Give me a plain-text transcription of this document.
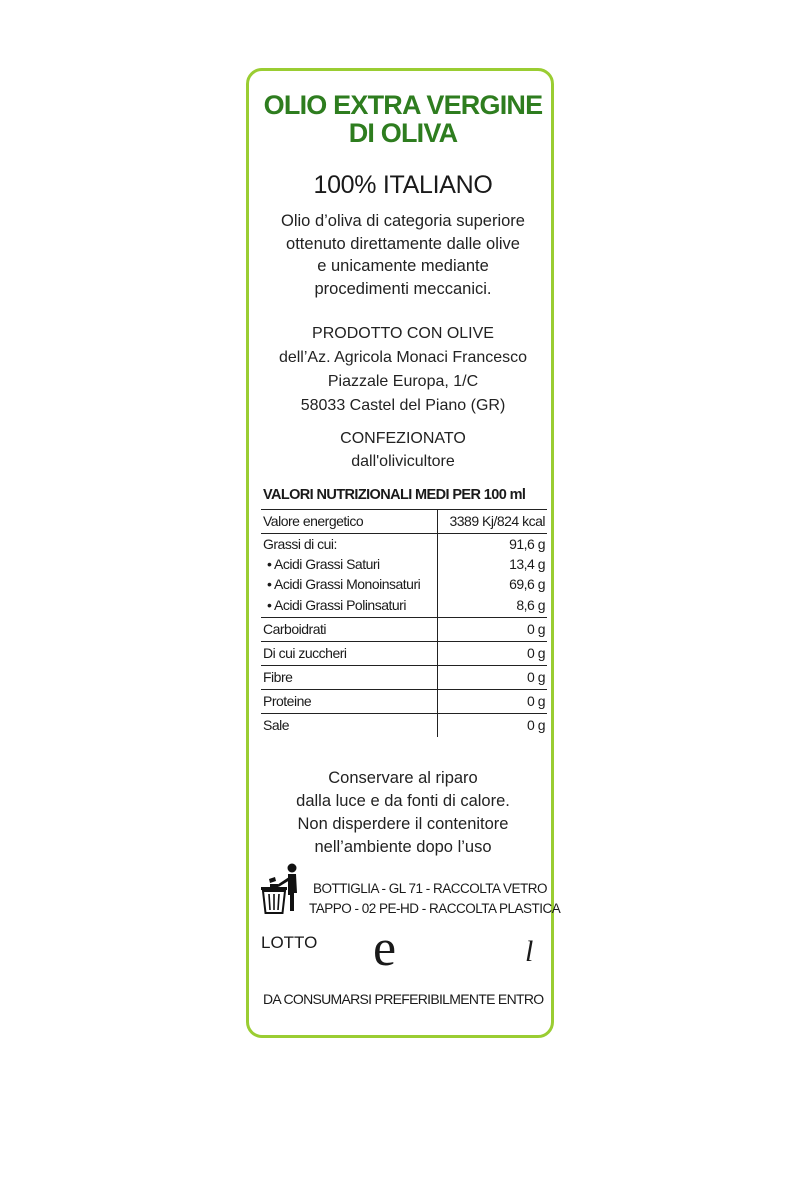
OLIO EXTRA VERGINE
DI OLIVA
100% ITALIANO
Olio d’oliva di categoria superiore
ottenuto direttamente dalle olive
e unicamente mediante
procedimenti meccanici.
PRODOTTO CON OLIVE
dell’Az. Agricola Monaci Francesco
Piazzale Europa, 1/C
58033 Castel del Piano (GR)
CONFEZIONATO
dall'olivicultore
VALORI NUTRIZIONALI MEDI PER 100 ml
Valore energetico	3389 Kj/824 kcal
Grassi di cui:	91,6 g
• Acidi Grassi Saturi	13,4 g
• Acidi Grassi Monoinsaturi	69,6 g
• Acidi Grassi Polinsaturi	8,6 g
Carboidrati	0 g
Di cui zuccheri	0 g
Fibre	0 g
Proteine	0 g
Sale	0 g
Conservare al riparo
dalla luce e da fonti di calore.
Non disperdere il contenitore
nell’ambiente dopo l’uso
BOTTIGLIA - GL 71 - RACCOLTA VETRO
TAPPO - 02 PE-HD - RACCOLTA PLASTICA
LOTTO e	l
DA CONSUMARSI PREFERIBILMENTE ENTRO
